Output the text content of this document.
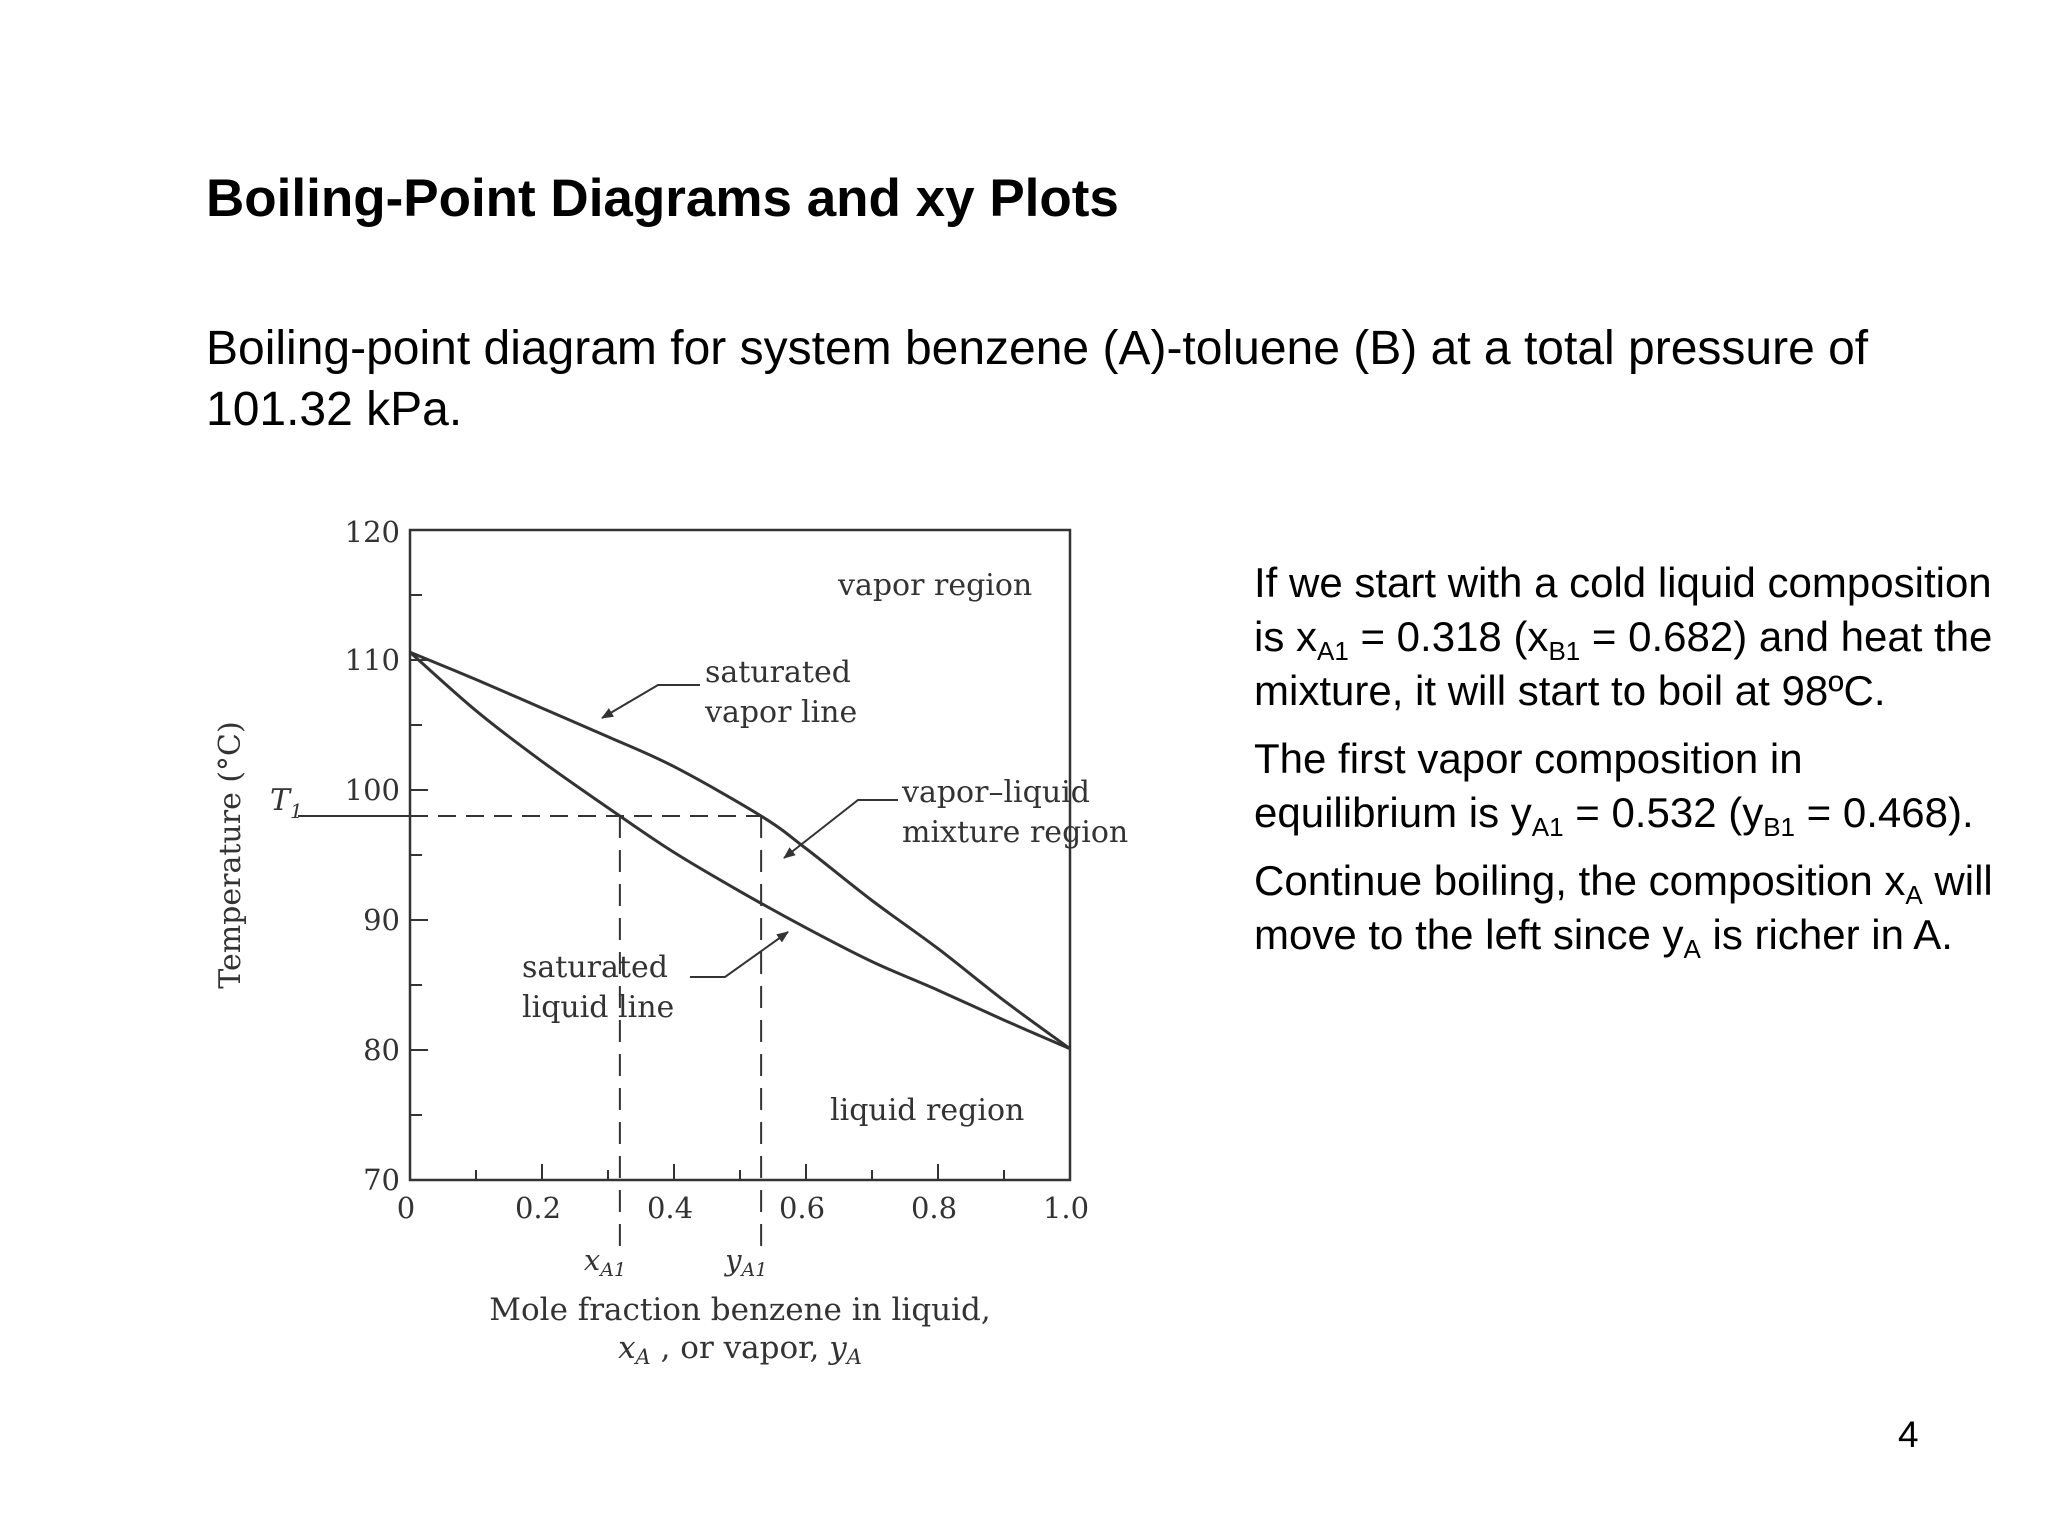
Boiling-Point Diagrams and xy Plots
Boiling-point diagram for system benzene (A)-toluene (B) at a total pressure of 101.32 kPa.
0	0.2	0.4	0.6	0.8	1.0
70
80
90
100
110
120
Temperature (°C)
Mole fraction benzene in liquid,
xA , or vapor, yA
$T_1$
$x_{A1}$	$y_{A1}$
vapor region
liquid region
saturated
vapor line
saturated
liquid line
vapor–liquid
mixture region

If we start with a cold liquid composition is $x_{A1} = 0.318$ $(x_{B1} = 0.682)$ and heat the mixture, it will start to boil at 98ºC.

The first vapor composition in equilibrium is $y_{A1} = 0.532$ $(y_{B1} = 0.468)$.

Continue boiling, the composition $x_A$ will move to the left since $y_A$ is richer in A.

4
